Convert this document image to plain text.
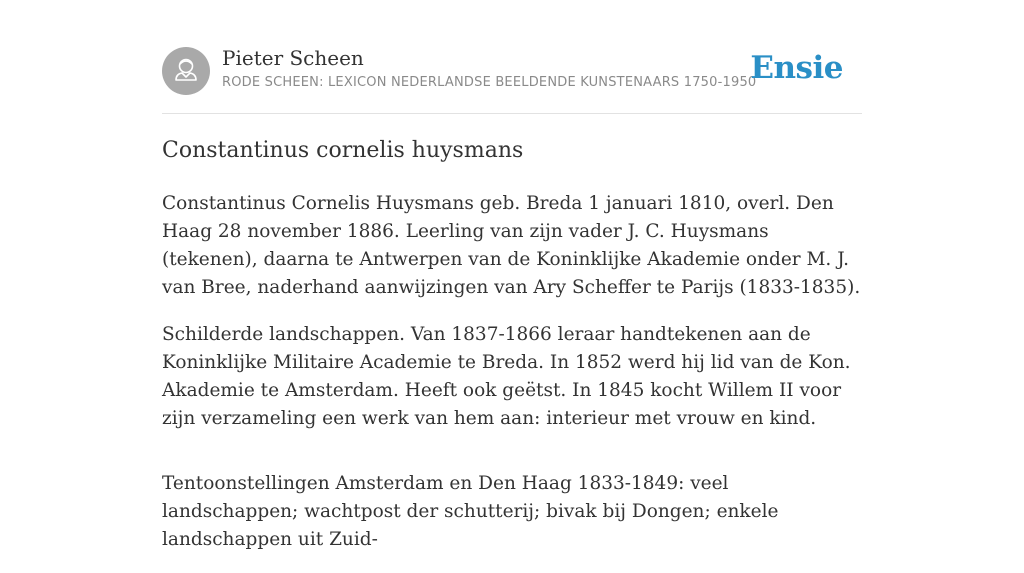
Pieter Scheen
RODE SCHEEN: LEXICON NEDERLANDSE BEELDENDE KUNSTENAARS 1750-1950
Ensie
Constantinus cornelis huysmans

Constantinus Cornelis Huysmans geb. Breda 1 januari 1810, overl. Den Haag 28 november 1886. Leerling van zijn vader J. C. Huysmans (tekenen), daarna te Antwerpen van de Koninklijke Akademie onder M. J. van Bree, naderhand aanwijzingen van Ary Scheffer te Parijs (1833-1835).

Schilderde landschappen. Van 1837-1866 leraar handtekenen aan de Koninklijke Militaire Academie te Breda. In 1852 werd hij lid van de Kon. Akademie te Amsterdam. Heeft ook geëtst. In 1845 kocht Willem II voor zijn verzameling een werk van hem aan: interieur met vrouw en kind.

Tentoonstellingen Amsterdam en Den Haag 1833-1849: veel landschappen; wachtpost der schutterij; bivak bij Dongen; enkele landschappen uit Zuid-
